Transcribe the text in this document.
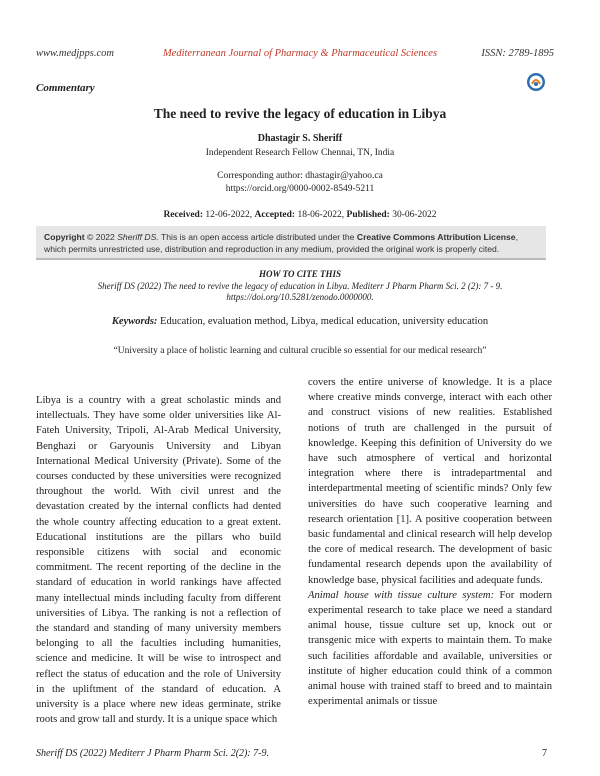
www.medjpps.com	Mediterranean Journal of Pharmacy & Pharmaceutical Sciences	ISSN: 2789-1895
Commentary
The need to revive the legacy of education in Libya
Dhastagir S. Sheriff
Independent Research Fellow Chennai, TN, India
Corresponding author: dhastagir@yahoo.ca
https://orcid.org/0000-0002-8549-5211
Received: 12-06-2022, Accepted: 18-06-2022, Published: 30-06-2022
Copyright © 2022 Sheriff DS. This is an open access article distributed under the Creative Commons Attribution License, which permits unrestricted use, distribution and reproduction in any medium, provided the original work is properly cited.
HOW TO CITE THIS
Sheriff DS (2022) The need to revive the legacy of education in Libya. Mediterr J Pharm Pharm Sci. 2 (2): 7 - 9.
https://doi.org/10.5281/zenodo.0000000.
Keywords: Education, evaluation method, Libya, medical education, university education
“University a place of holistic learning and cultural crucible so essential for our medical research”

Libya is a country with a great scholastic minds and intellectuals. They have some older universities like Al-Fateh University, Tripoli, Al-Arab Medical University, Benghazi or Garyounis University and Libyan International Medical University (Private). Some of the courses conducted by these universities were recognized throughout the world. With civil unrest and the devastation created by the internal conflicts had dented the whole country affecting education to a great extent. Educational institutions are the pillars who build responsible citizens with social and economic commitment. The recent reporting of the decline in the standard of education in world rankings have affected many intellectual minds including faculty from different universities of Libya. The ranking is not a reflection of the standard and standing of many university members belonging to all the faculties including humanities, science and medicine. It will be wise to introspect and reflect the status of education and the role of University in the upliftment of the standard of education. A university is a place where new ideas germinate, strike roots and grow tall and sturdy. It is a unique space which

covers the entire universe of knowledge. It is a place where creative minds converge, interact with each other and construct visions of new realities. Established notions of truth are challenged in the pursuit of knowledge. Keeping this definition of University do we have such atmosphere of vertical and horizontal integration where there is intradepartmental and interdepartmental meeting of scientific minds? Only few universities do have such cooperative learning and research orientation [1]. A positive cooperation between basic fundamental and clinical research will help develop the core of medical research. The development of basic fundamental research depends upon the availability of knowledge base, physical facilities and adequate funds.

Animal house with tissue culture system: For modern experimental research to take place we need a standard animal house, tissue culture set up, knock out or transgenic mice with experts to maintain them. To make such facilities affordable and available, universities or institute of higher education could think of a common animal house with trained staff to breed and to maintain experimental animals or tissue

Sheriff DS (2022) Mediterr J Pharm Pharm Sci. 2(2): 7-9.	7
